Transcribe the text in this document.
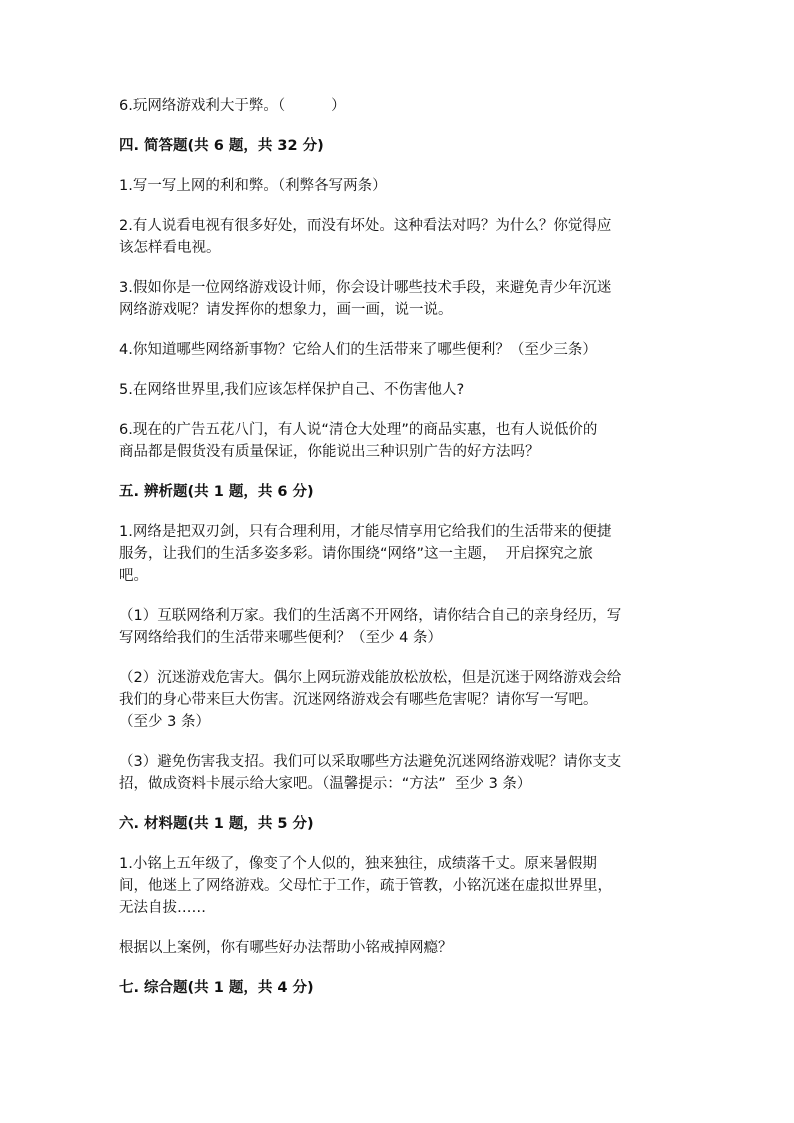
6.玩网络游戏利大于弊。（          ）
四. 简答题(共 6 题，共 32 分)
1.写一写上网的利和弊。（利弊各写两条）
2.有人说看电视有很多好处，而没有坏处。这种看法对吗？为什么？你觉得应
该怎样看电视。
3.假如你是一位网络游戏设计师，你会设计哪些技术手段，来避免青少年沉迷
网络游戏呢？请发挥你的想象力，画一画，说一说。
4.你知道哪些网络新事物？它给人们的生活带来了哪些便利？（至少三条）
5.在网络世界里,我们应该怎样保护自己、不伤害他人?
6.现在的广告五花八门，有人说“清仓大处理”的商品实惠，也有人说低价的
商品都是假货没有质量保证，你能说出三种识别广告的好方法吗？
五. 辨析题(共 1 题，共 6 分)
1.网络是把双刃剑，只有合理利用，才能尽情享用它给我们的生活带来的便捷
服务，让我们的生活多姿多彩。请你围绕“网络”这一主题，  开启探究之旅
吧。
（1）互联网络利万家。我们的生活离不开网络，请你结合自己的亲身经历，写
写网络给我们的生活带来哪些便利？（至少 4 条）
（2）沉迷游戏危害大。偶尔上网玩游戏能放松放松，但是沉迷于网络游戏会给
我们的身心带来巨大伤害。沉迷网络游戏会有哪些危害呢？请你写一写吧。
（至少 3 条）
（3）避免伤害我支招。我们可以采取哪些方法避免沉迷网络游戏呢？请你支支
招，做成资料卡展示给大家吧。（温馨提示：“方法”  至少 3 条）
六. 材料题(共 1 题，共 5 分)
1.小铭上五年级了，像变了个人似的，独来独往，成绩落千丈。原来暑假期
间，他迷上了网络游戏。父母忙于工作，疏于管教，小铭沉迷在虚拟世界里，
无法自拔……
根据以上案例，你有哪些好办法帮助小铭戒掉网瘾？
七. 综合题(共 1 题，共 4 分)
